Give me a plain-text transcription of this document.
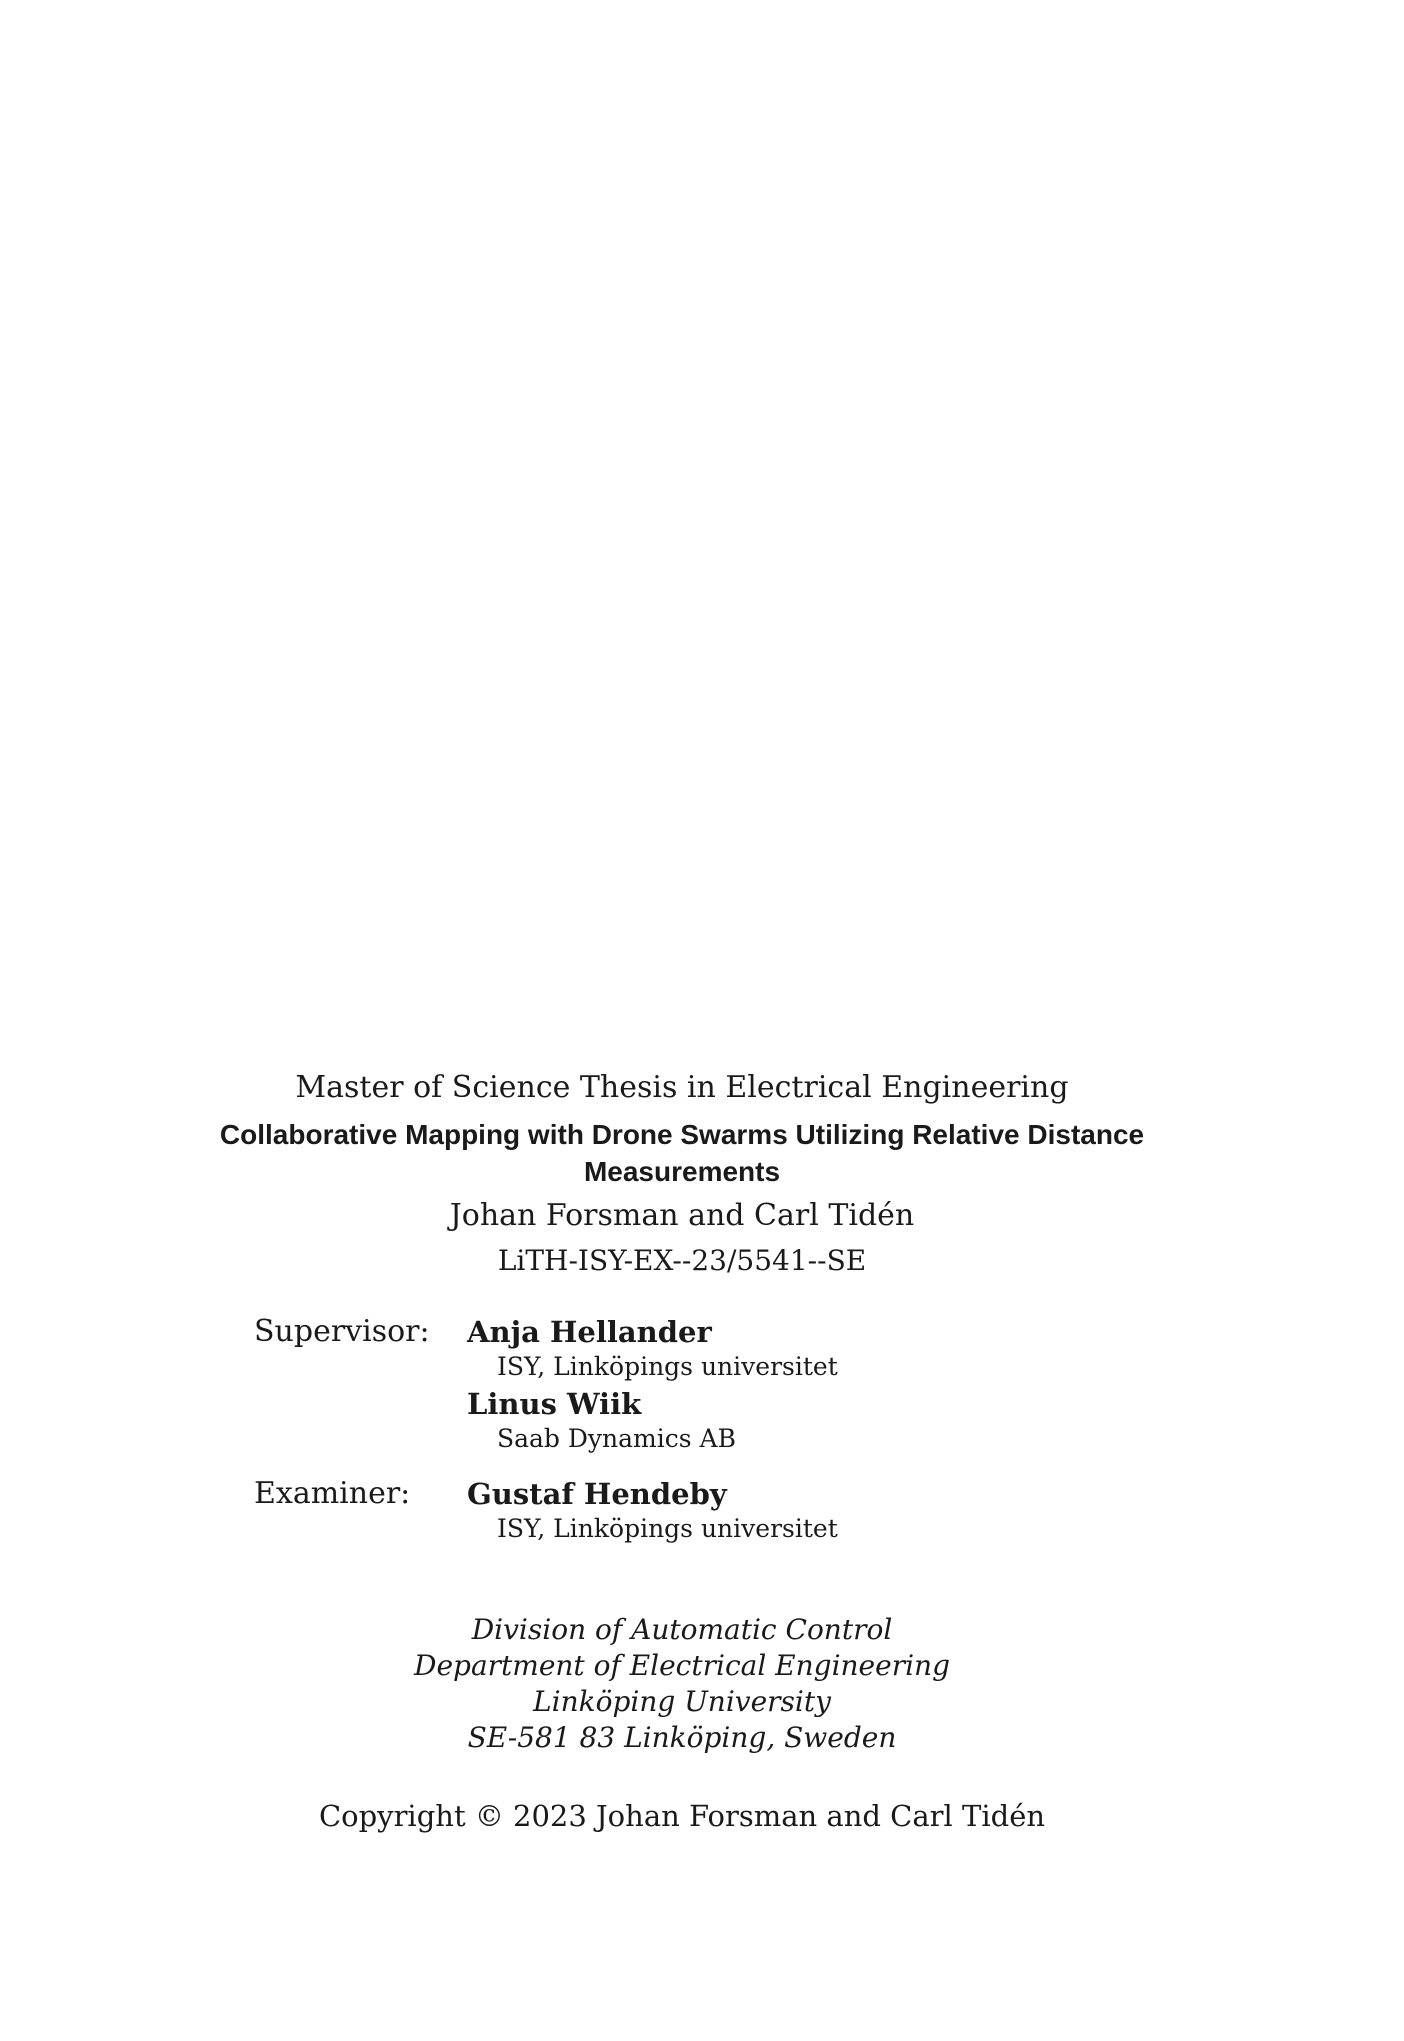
Master of Science Thesis in Electrical Engineering
Collaborative Mapping with Drone Swarms Utilizing Relative Distance Measurements
Johan Forsman and Carl Tidén
LiTH-ISY-EX--23/5541--SE
Supervisor: Anja Hellander
ISY, Linköpings universitet
Linus Wiik
Saab Dynamics AB
Examiner: Gustaf Hendeby
ISY, Linköpings universitet
Division of Automatic Control
Department of Electrical Engineering
Linköping University
SE-581 83 Linköping, Sweden
Copyright © 2023 Johan Forsman and Carl Tidén
